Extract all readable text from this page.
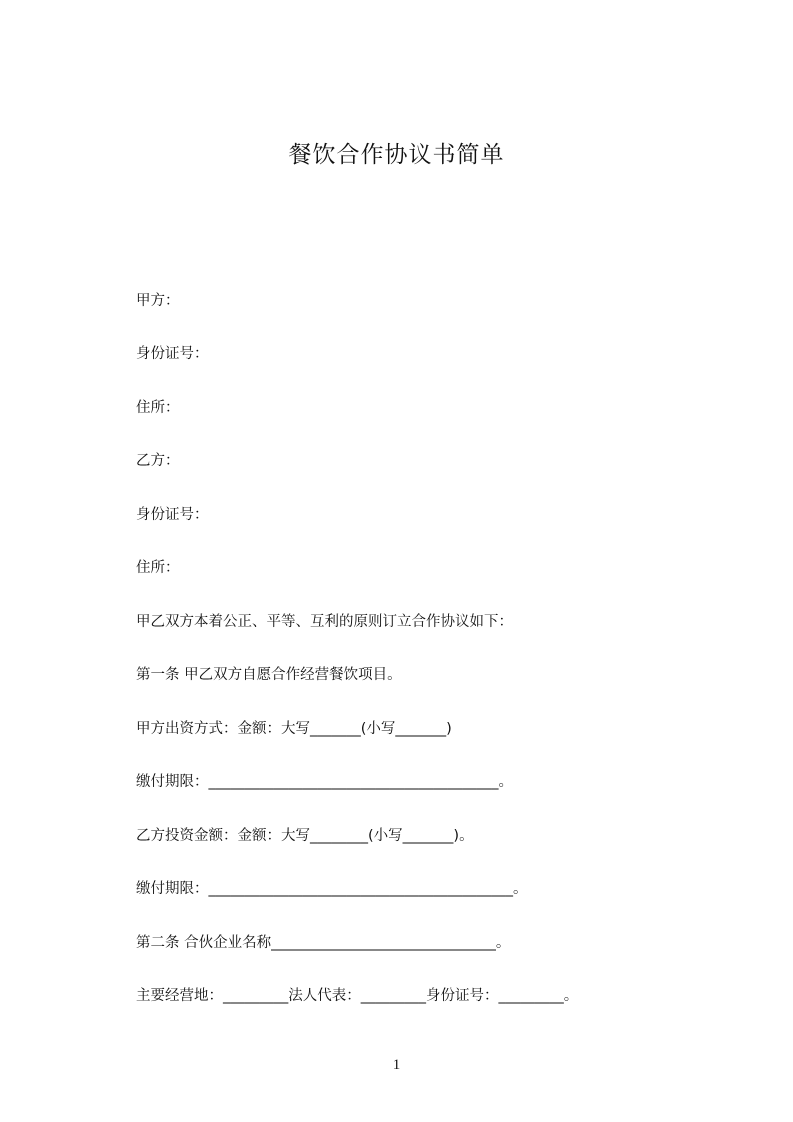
餐饮合作协议书简单

甲方：

身份证号：

住所：

乙方：

身份证号：

住所：

甲乙双方本着公正、平等、互利的原则订立合作协议如下：

第一条 甲乙双方自愿合作经营餐饮项目。

甲方出资方式：金额：大写_______(小写_______)

缴付期限：________________________________________。

乙方投资金额：金额：大写________(小写_______)。

缴付期限：__________________________________________。

第二条 合伙企业名称_______________________________。

主要经营地：_________法人代表：_________身份证号：_________。

1
